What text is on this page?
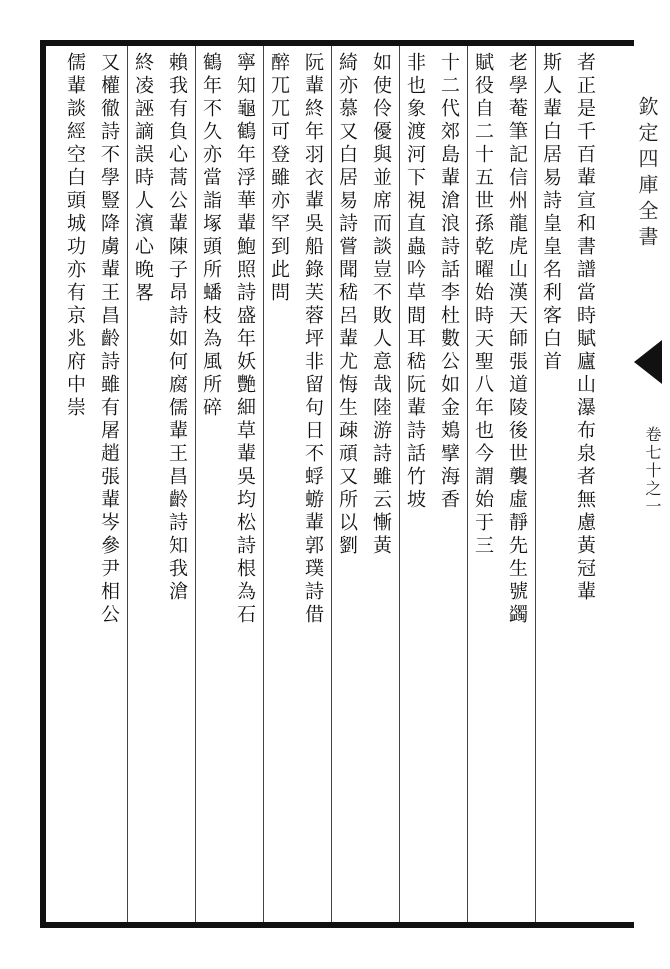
欽定四庫全書
卷七十之一
者正是千百輩宣和書譜當時賦廬山瀑布泉者無慮黃冠輩
斯人輩白居易詩皇皇名利客白首
老學菴筆記信州龍虎山漢天師張道陵後世襲虛靜先生號蠲
賦役自二十五世孫乾曜始時天聖八年也今謂始于三
十二代郊島輩滄浪詩話李杜數公如金鳷擘海香
非也象渡河下視直蟲吟草間耳嵇阮輩詩話竹坡
如使伶優與並席而談豈不敗人意哉陸游詩雖云慚黃
綺亦慕又白居易詩嘗聞嵇呂輩尤悔生疎頑又所以劉
阮輩終年羽衣輩吳船錄芙蓉坪非留句日不蜉蝣輩郭璞詩借
醉兀兀可登雖亦罕到此問
寧知龜鶴年浮華輩鮑照詩盛年妖艷細草輩吳均松詩根為石
鶴年不久亦當詣塚頭所蟠枝為風所碎
賴我有負心蒿公輩陳子昂詩如何腐儒輩王昌齡詩知我滄
終凌誣謫誤時人濱心晚畧
又權徹詩不學豎降虜輩王昌齡詩雖有屠趙張輩岑參尹相公
儒輩談經空白頭城功亦有京兆府中崇
